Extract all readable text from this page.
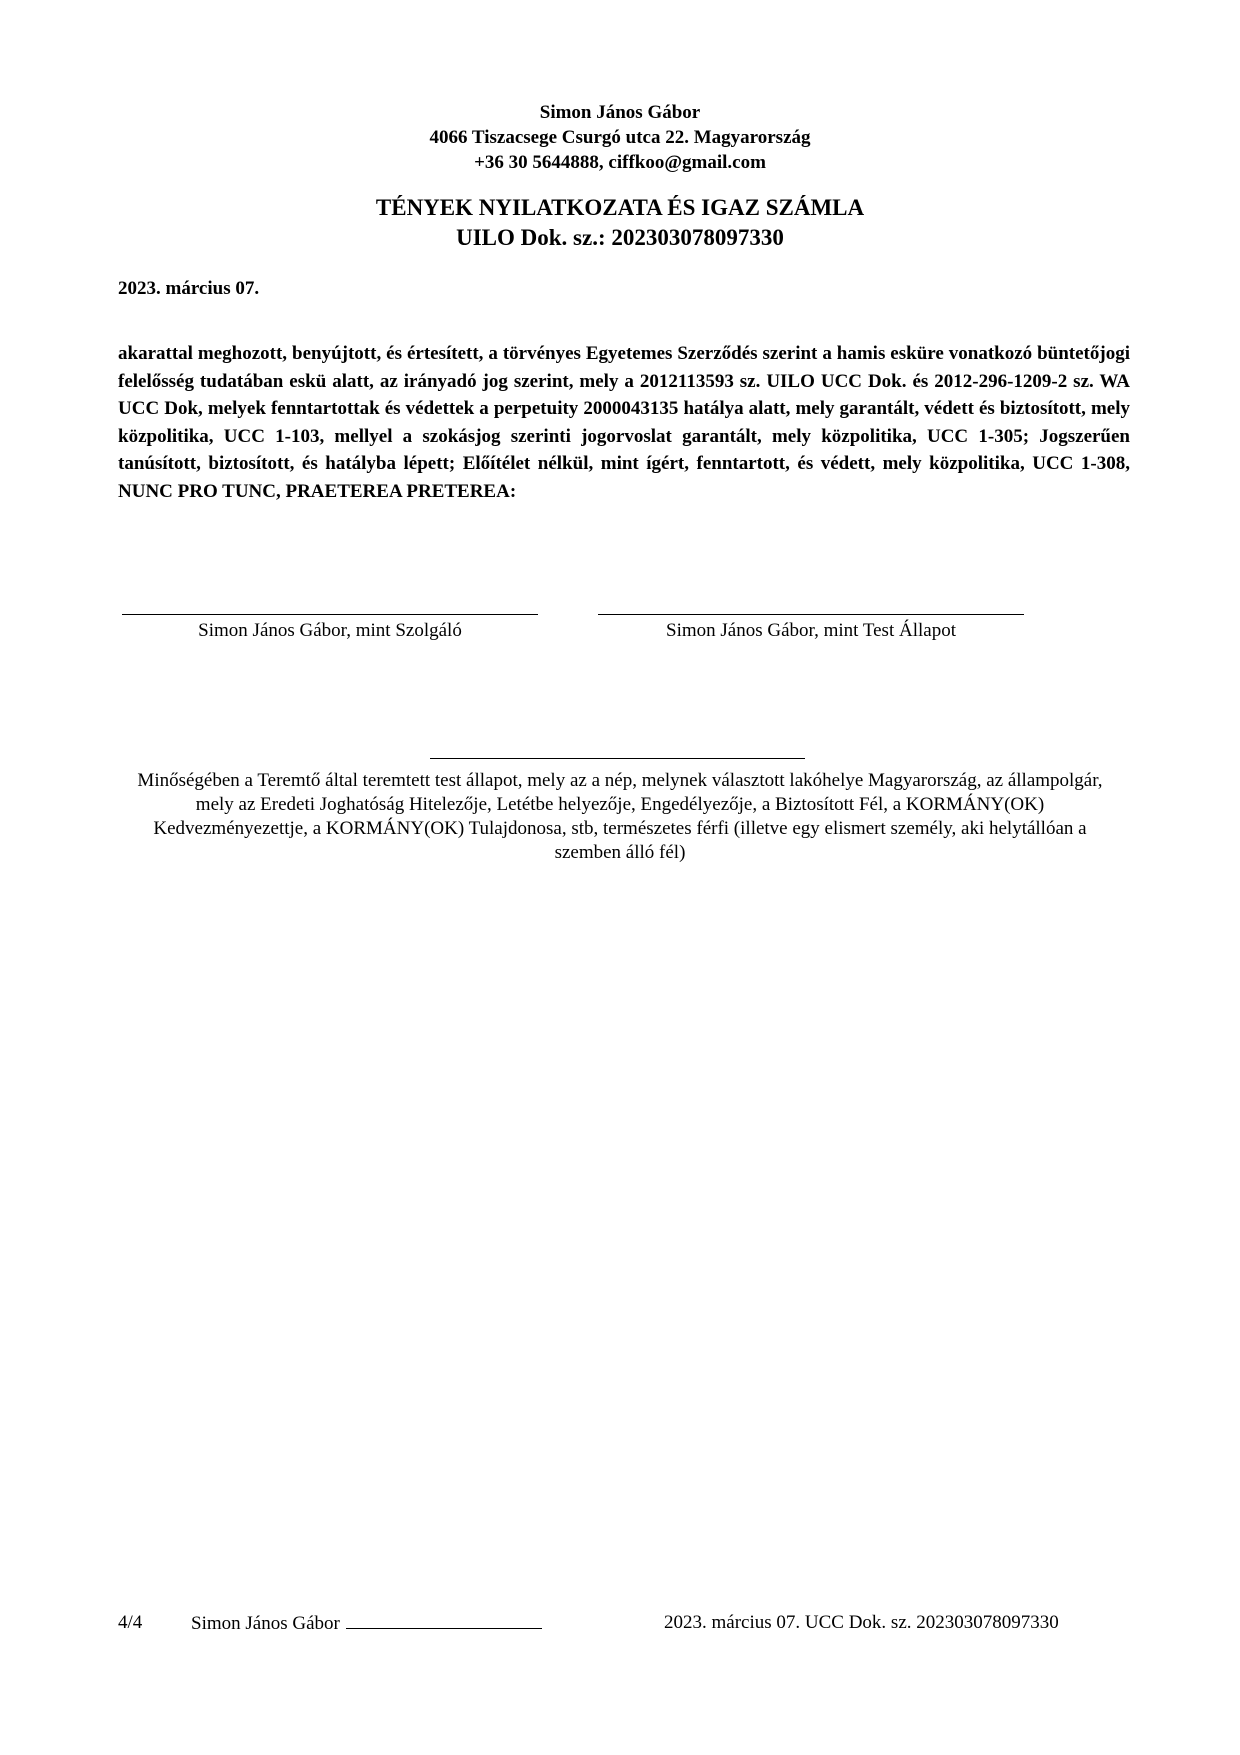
Simon János Gábor
4066 Tiszacsege Csurgó utca 22. Magyarország
+36 30 5644888, ciffkoo@gmail.com
TÉNYEK NYILATKOZATA ÉS IGAZ SZÁMLA
UILO Dok. sz.: 202303078097330
2023. március 07.
akarattal meghozott, benyújtott, és értesített, a törvényes Egyetemes Szerződés szerint a hamis esküre vonatkozó büntetőjogi felelősség tudatában eskü alatt, az irányadó jog szerint, mely a 2012113593 sz. UILO UCC Dok. és 2012-296-1209-2 sz. WA UCC Dok, melyek fenntartottak és védettek a perpetuity 2000043135 hatálya alatt, mely garantált, védett és biztosított, mely közpolitika, UCC 1-103, mellyel a szokásjog szerinti jogorvoslat garantált, mely közpolitika, UCC 1-305; Jogszerűen tanúsított, biztosított, és hatályba lépett; Előítélet nélkül, mint ígért, fenntartott, és védett, mely közpolitika, UCC 1-308, NUNC PRO TUNC, PRAETEREA PRETEREA:
Simon János Gábor, mint Szolgáló	Simon János Gábor, mint Test Állapot
Minőségében a Teremtő által teremtett test állapot, mely az a nép, melynek választott lakóhelye Magyarország, az állampolgár, mely az Eredeti Joghatóság Hitelezője, Letétbe helyezője, Engedélyezője, a Biztosított Fél, a KORMÁNY(OK) Kedvezményezettje, a KORMÁNY(OK) Tulajdonosa, stb, természetes férfi (illetve egy elismert személy, aki helytállóan a szemben álló fél)
4/4	Simon János Gábor	2023. március 07. UCC Dok. sz. 202303078097330
